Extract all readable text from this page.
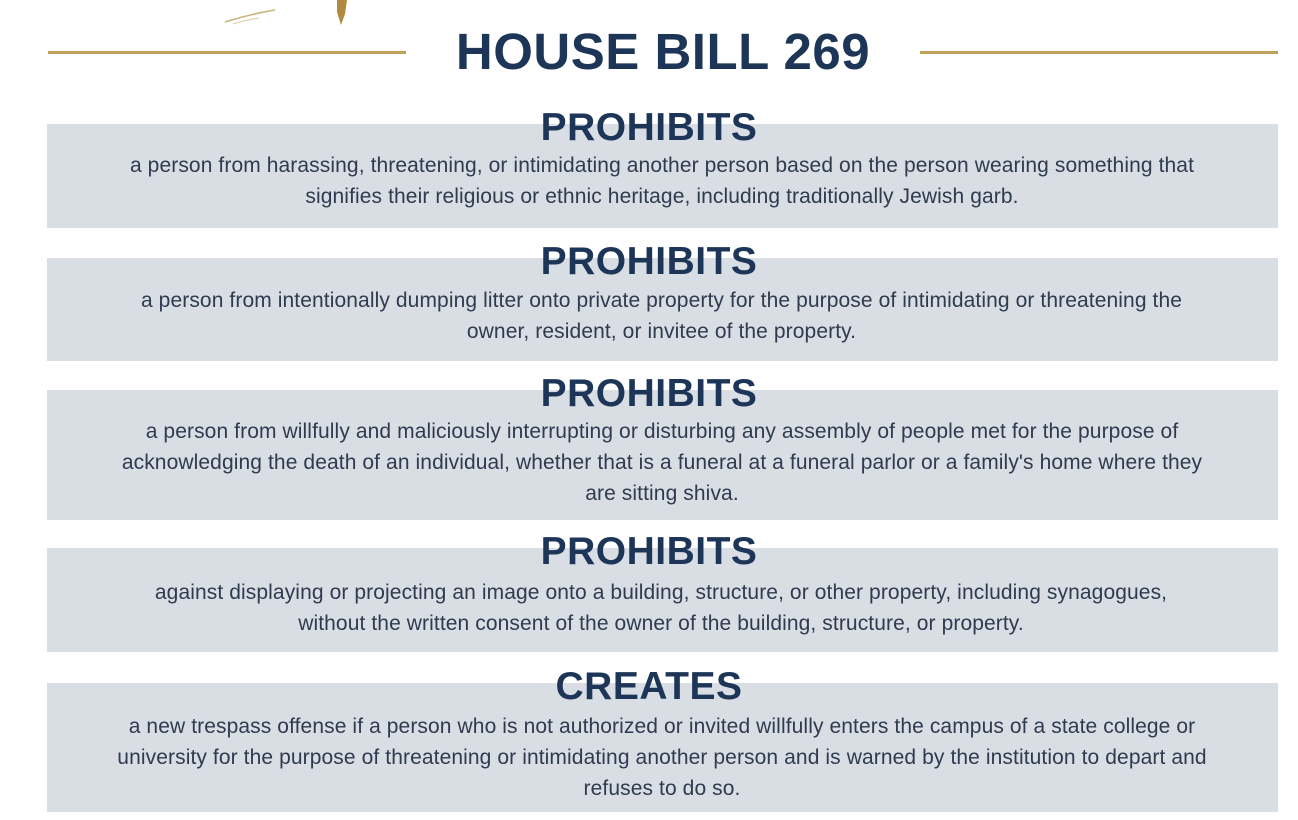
HOUSE BILL 269
PROHIBITS
a person from harassing, threatening, or intimidating another person based on the person wearing something that signifies their religious or ethnic heritage, including traditionally Jewish garb.
PROHIBITS
a person from intentionally dumping litter onto private property for the purpose of intimidating or threatening the owner, resident, or invitee of the property.
PROHIBITS
a person from willfully and maliciously interrupting or disturbing any assembly of people met for the purpose of acknowledging the death of an individual, whether that is a funeral at a funeral parlor or a family's home where they are sitting shiva.
PROHIBITS
against displaying or projecting an image onto a building, structure, or other property, including synagogues, without the written consent of the owner of the building, structure, or property.
CREATES
a new trespass offense if a person who is not authorized or invited willfully enters the campus of a state college or university for the purpose of threatening or intimidating another person and is warned by the institution to depart and refuses to do so.
